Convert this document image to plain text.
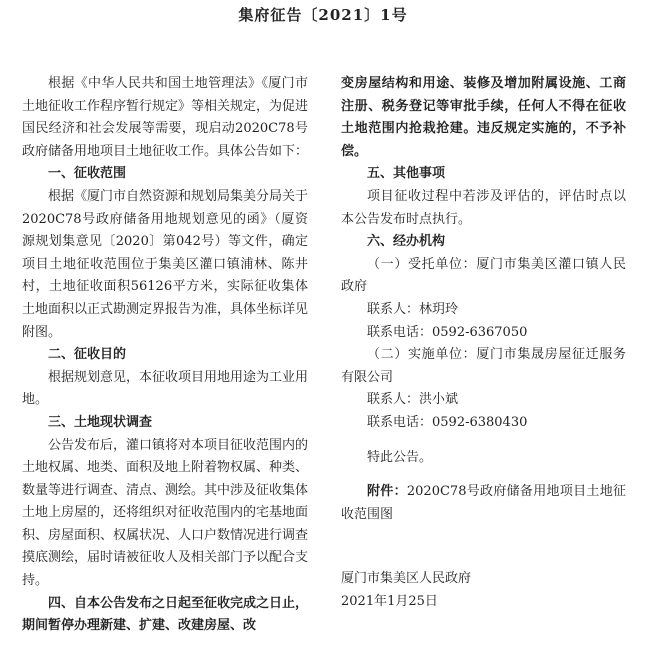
集府征告〔2021〕1号

根据《中华人民共和国土地管理法》《厦门市土地征收工作程序暂行规定》等相关规定，为促进国民经济和社会发展等需要，现启动2020C78号政府储备用地项目土地征收工作。具体公告如下：

一、征收范围

根据《厦门市自然资源和规划局集美分局关于2020C78号政府储备用地规划意见的函》（厦资源规划集意见〔2020〕第042号）等文件，确定项目土地征收范围位于集美区灌口镇浦林、陈井村，土地征收面积56126平方米，实际征收集体土地面积以正式勘测定界报告为准，具体坐标详见附图。

二、征收目的

根据规划意见，本征收项目用地用途为工业用地。

三、土地现状调查

公告发布后，灌口镇将对本项目征收范围内的土地权属、地类、面积及地上附着物权属、种类、数量等进行调查、清点、测绘。其中涉及征收集体土地上房屋的，还将组织对征收范围内的宅基地面积、房屋面积、权属状况、人口户数情况进行调查摸底测绘，届时请被征收人及相关部门予以配合支持。

四、自本公告发布之日起至征收完成之日止，期间暂停办理新建、扩建、改建房屋、改

变房屋结构和用途、装修及增加附属设施、工商注册、税务登记等审批手续，任何人不得在征收土地范围内抢栽抢建。违反规定实施的，不予补偿。

五、其他事项

项目征收过程中若涉及评估的，评估时点以本公告发布时点执行。

六、经办机构

（一）受托单位：厦门市集美区灌口镇人民政府

联系人：林玥玲

联系电话：0592-6367050

（二）实施单位：厦门市集晟房屋征迁服务有限公司

联系人：洪小斌

联系电话：0592-6380430

特此公告。

附件：2020C78号政府储备用地项目土地征收范围图

厦门市集美区人民政府

2021年1月25日
